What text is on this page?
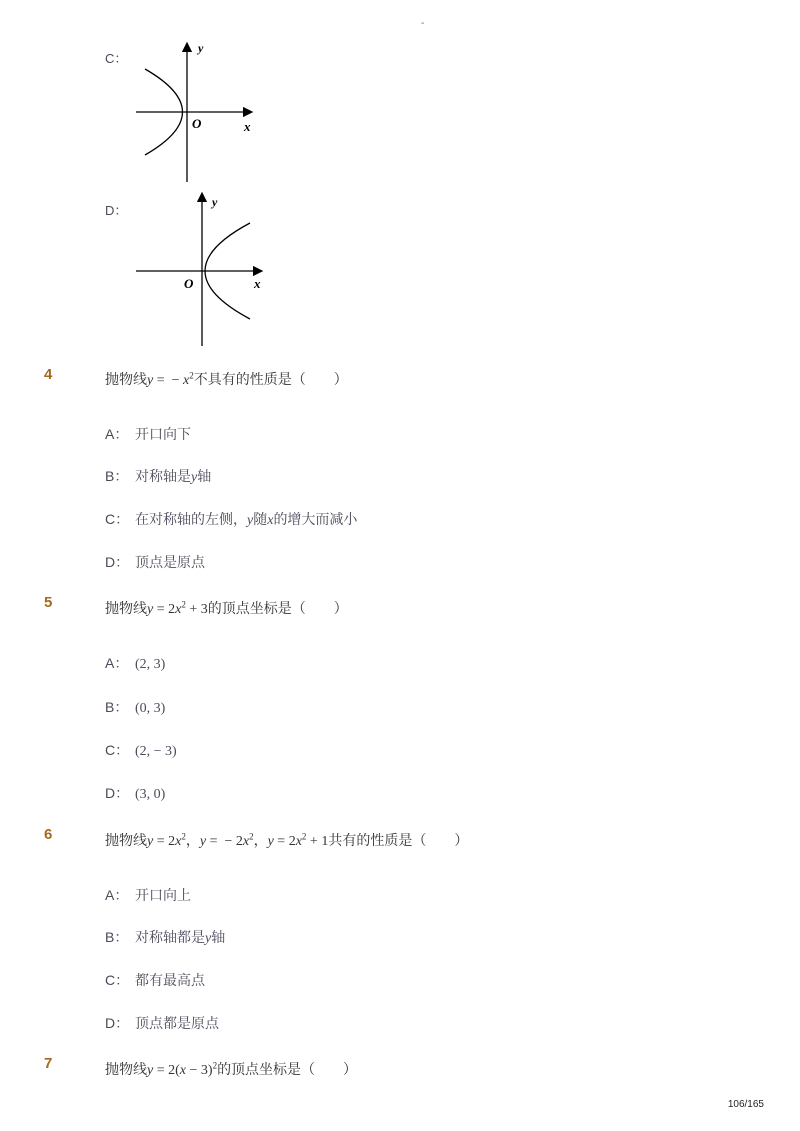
-
C：
y
O	x
D：
y
O	x
4	抛物线y =  − $x^2$不具有的性质是（　　）
A： 开口向下
B： 对称轴是y轴
C： 在对称轴的左侧，y随x的增大而减小
D： 顶点是原点
5	抛物线$y = 2x^2 + 3$的顶点坐标是（　　）
A： (2, 3)
B： (0, 3)
C： (2, − 3)
D： (3, 0)
6	抛物线$y = 2x^2$，y =  − $2x^2$，$y = 2x^2 + 1$共有的性质是（　　）
A： 开口向上
B： 对称轴都是y轴
C： 都有最高点
D： 顶点都是原点
7	抛物线$y = 2(x - 3)^2$的顶点坐标是（　　）
106/165
